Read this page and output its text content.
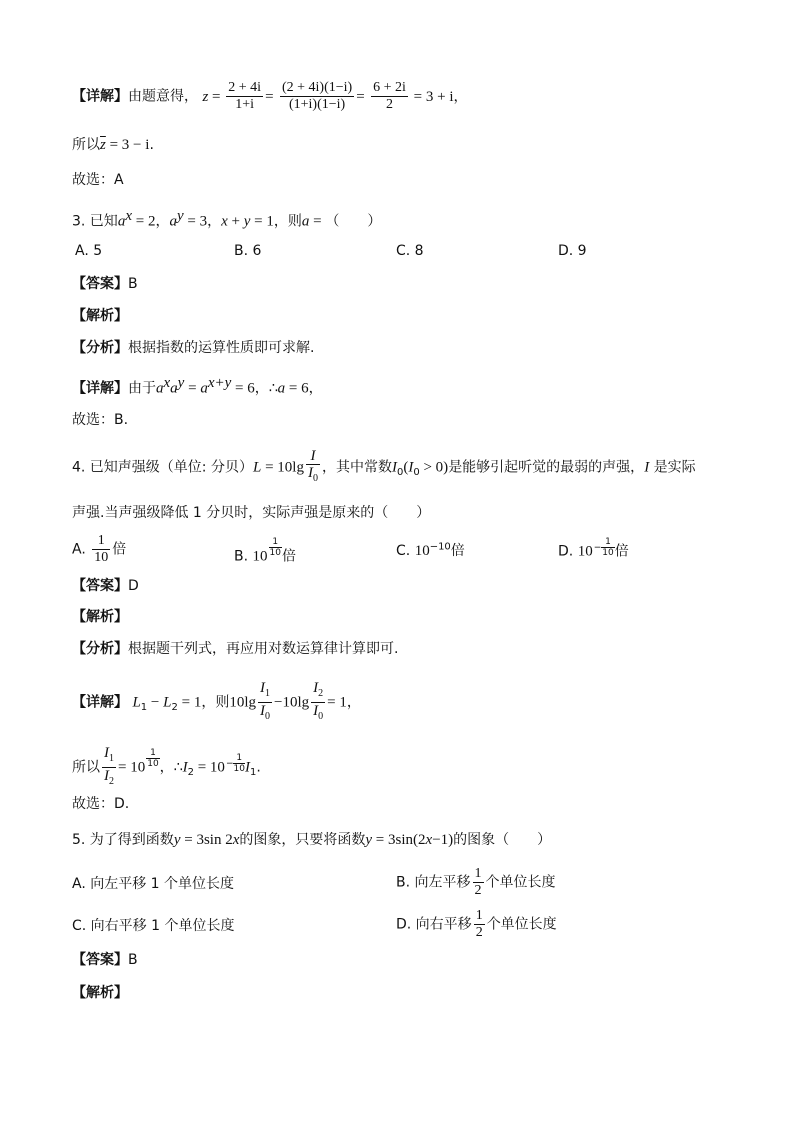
【详解】由题意得， $z = \frac{2 + 4i}{1+i} = \frac{(2 + 4i)(1-i)}{(1+i)(1-i)} = \frac{6 + 2i}{2} = 3 + i$，
所以$\overline{z} = 3 - i$.
故选：A
3. 已知$a^x = 2$，$a^y = 3$，x + y = 1，则a = （　　）
A. 5	B. 6	C. 8	D. 9
【答案】B
【解析】
【分析】根据指数的运算性质即可求解.
【详解】由于$a^xa^y = a^{x+y} = 6$，∴a = 6，
故选：B.
4. 已知声强级（单位: 分贝）$L = 10\lg \frac{I}{I_0}$ ，其中常数$I_0(I_0 > 0)$是能够引起听觉的最弱的声强，I 是实际
声强.当声强级降低 1 分贝时，实际声强是原来的（　　）
A. $\frac{1}{10}$ 倍	B. $10 \frac{1}{10}$ 倍	C. $10^{-10}$倍	D. $10- \frac{1}{10}$ 倍
【答案】D
【解析】
【分析】根据题干列式，再应用对数运算律计算即可.
【详解】 $L_1 - L_2 = 1$，则$10\lg \frac{I_1}{I_0} -10\lg \frac{I_2}{I_0} = 1$，
所以 $\frac{I_1}{I_2} = 10 \frac{1}{10}$ ，$\therefore I_2 = 10- \frac{1}{10} I_1$.
故选：D.
5. 为了得到函数y = 3sin 2x的图象，只要将函数y = 3sin(2x−1)的图象（　　）
A. 向左平移 1 个单位长度	B. 向左平移 $\frac{1}{2}$ 个单位长度
C. 向右平移 1 个单位长度	D. 向右平移 $\frac{1}{2}$ 个单位长度
【答案】B
【解析】
